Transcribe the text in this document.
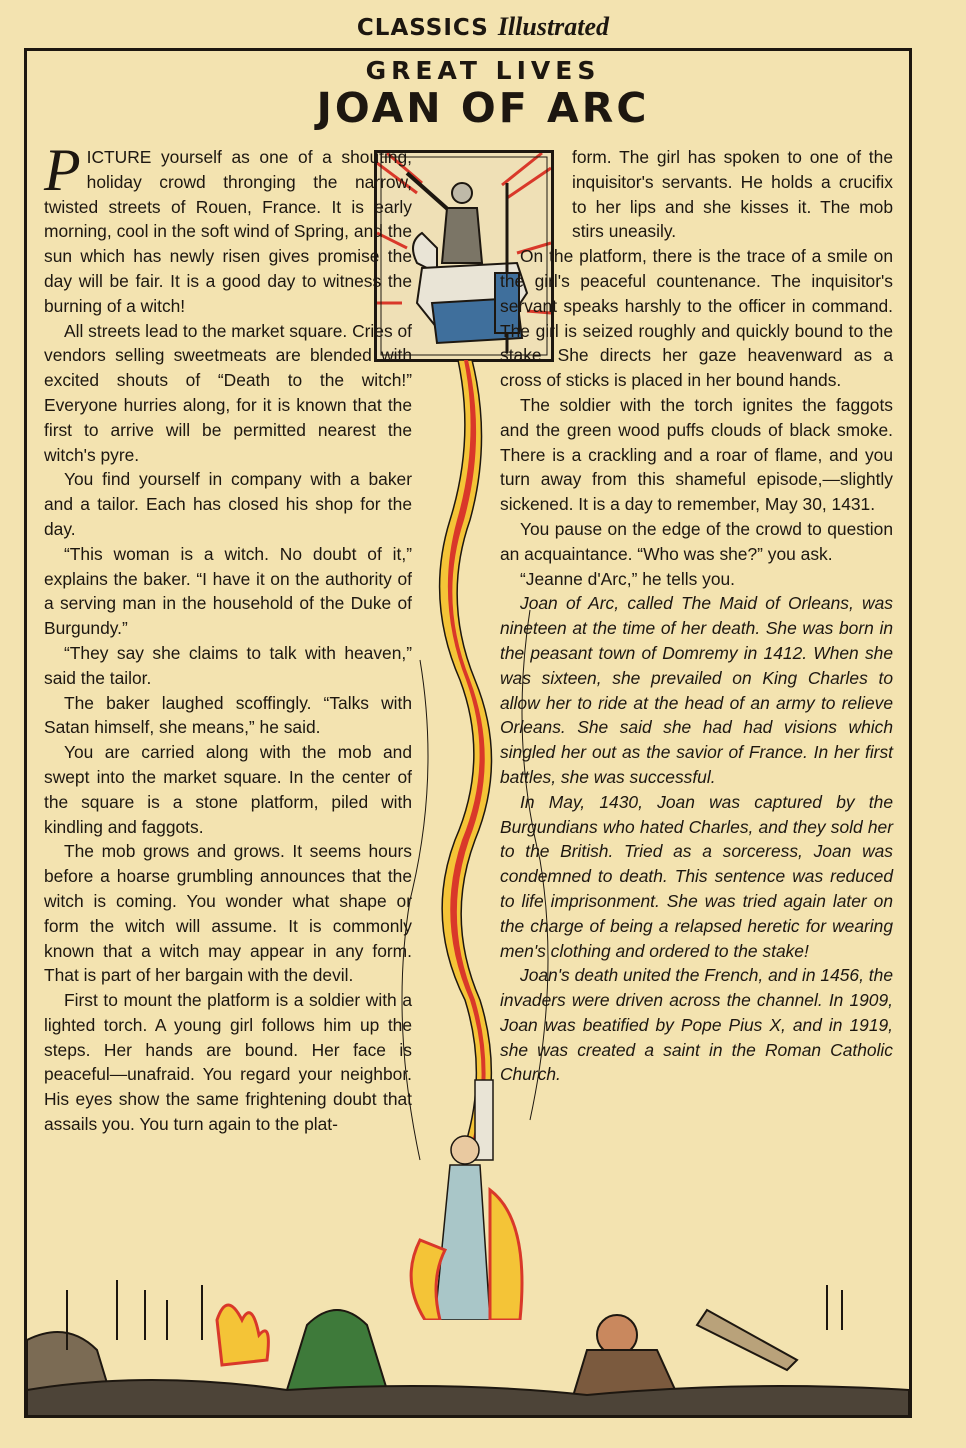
CLASSICS Illustrated
GREAT LIVES
JOAN OF ARC

PICTURE yourself as one of a shouting, holiday crowd thronging the narrow, twisted streets of Rouen, France. It is early morning, cool in the soft wind of Spring, and the sun which has newly risen gives promise the day will be fair. It is a good day to witness the burning of a witch!

All streets lead to the market square. Cries of vendors selling sweetmeats are blended with excited shouts of “Death to the witch!” Everyone hurries along, for it is known that the first to arrive will be permitted nearest the witch's pyre.

You find yourself in company with a baker and a tailor. Each has closed his shop for the day.

“This woman is a witch. No doubt of it,” explains the baker. “I have it on the authority of a serving man in the household of the Duke of Burgundy.”

“They say she claims to talk with heaven,” said the tailor.

The baker laughed scoffingly. “Talks with Satan himself, she means,” he said.

You are carried along with the mob and swept into the market square. In the center of the square is a stone platform, piled with kindling and faggots.

The mob grows and grows. It seems hours before a hoarse grumbling announces that the witch is coming. You wonder what shape or form the witch will assume. It is commonly known that a witch may appear in any form. That is part of her bargain with the devil.

First to mount the platform is a soldier with a lighted torch. A young girl follows him up the steps. Her hands are bound. Her face is peaceful—unafraid. You regard your neighbor. His eyes show the same frightening doubt that assails you. You turn again to the plat-

form. The girl has spoken to one of the inquisitor's servants. He holds a crucifix to her lips and she kisses it. The mob stirs uneasily.

On the platform, there is the trace of a smile on the girl's peaceful countenance. The inquisitor's servant speaks harshly to the officer in command. The girl is seized roughly and quickly bound to the stake. She directs her gaze heavenward as a cross of sticks is placed in her bound hands.

The soldier with the torch ignites the faggots and the green wood puffs clouds of black smoke. There is a crackling and a roar of flame, and you turn away from this shameful episode,—slightly sickened. It is a day to remember, May 30, 1431.

You pause on the edge of the crowd to question an acquaintance. “Who was she?” you ask.

“Jeanne d'Arc,” he tells you.

Joan of Arc, called The Maid of Orleans, was nineteen at the time of her death. She was born in the peasant town of Domremy in 1412. When she was sixteen, she prevailed on King Charles to allow her to ride at the head of an army to relieve Orleans. She said she had had visions which singled her out as the savior of France. In her first battles, she was successful.

In May, 1430, Joan was captured by the Burgundians who hated Charles, and they sold her to the British. Tried as a sorceress, Joan was condemned to death. This sentence was reduced to life imprisonment. She was tried again later on the charge of being a relapsed heretic for wearing men's clothing and ordered to the stake!

Joan's death united the French, and in 1456, the invaders were driven across the channel. In 1909, Joan was beatified by Pope Pius X, and in 1919, she was created a saint in the Roman Catholic Church.
